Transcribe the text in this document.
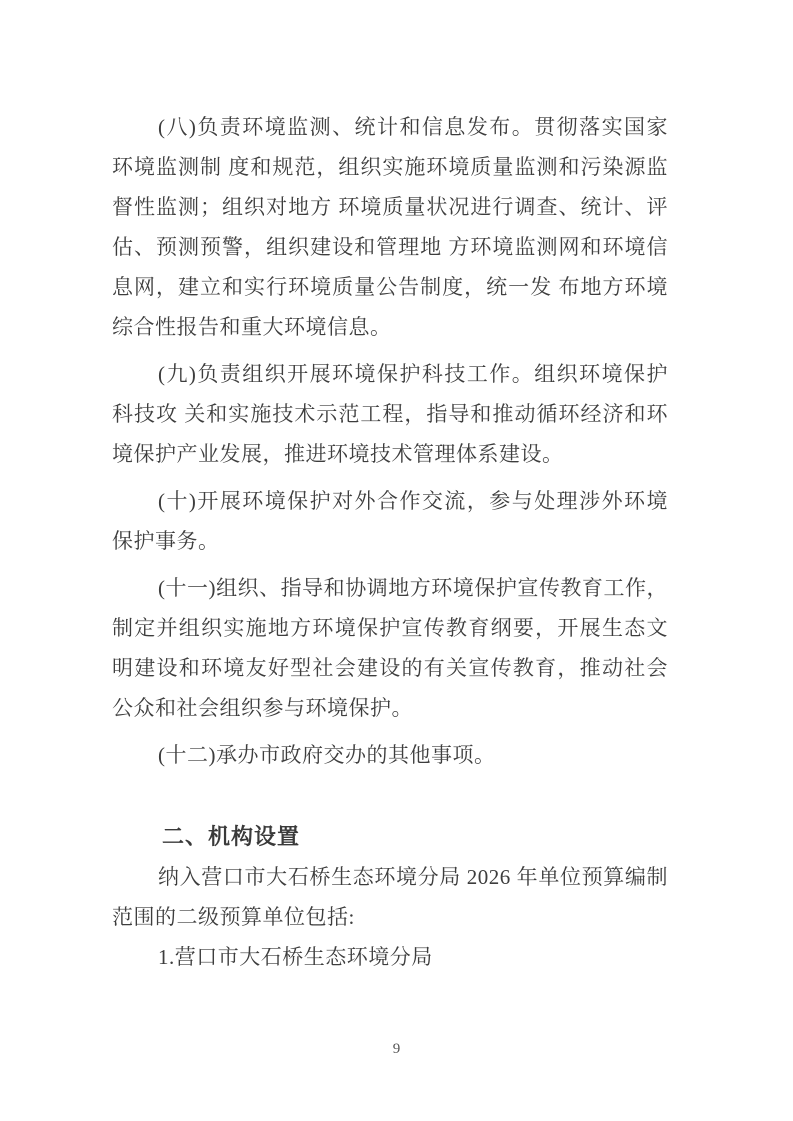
(八)负责环境监测、统计和信息发布。贯彻落实国家
环境监测制 度和规范，组织实施环境质量监测和污染源监
督性监测；组织对地方 环境质量状况进行调查、统计、评
估、预测预警，组织建设和管理地 方环境监测网和环境信
息网，建立和实行环境质量公告制度，统一发 布地方环境
综合性报告和重大环境信息。
(九)负责组织开展环境保护科技工作。组织环境保护
科技攻 关和实施技术示范工程，指导和推动循环经济和环
境保护产业发展，推进环境技术管理体系建设。
(十)开展环境保护对外合作交流，参与处理涉外环境
保护事务。
(十一)组织、指导和协调地方环境保护宣传教育工作，
制定并组织实施地方环境保护宣传教育纲要，开展生态文
明建设和环境友好型社会建设的有关宣传教育，推动社会
公众和社会组织参与环境保护。
(十二)承办市政府交办的其他事项。
二、机构设置
纳入营口市大石桥生态环境分局 2026 年单位预算编制
范围的二级预算单位包括:
1.营口市大石桥生态环境分局
9
